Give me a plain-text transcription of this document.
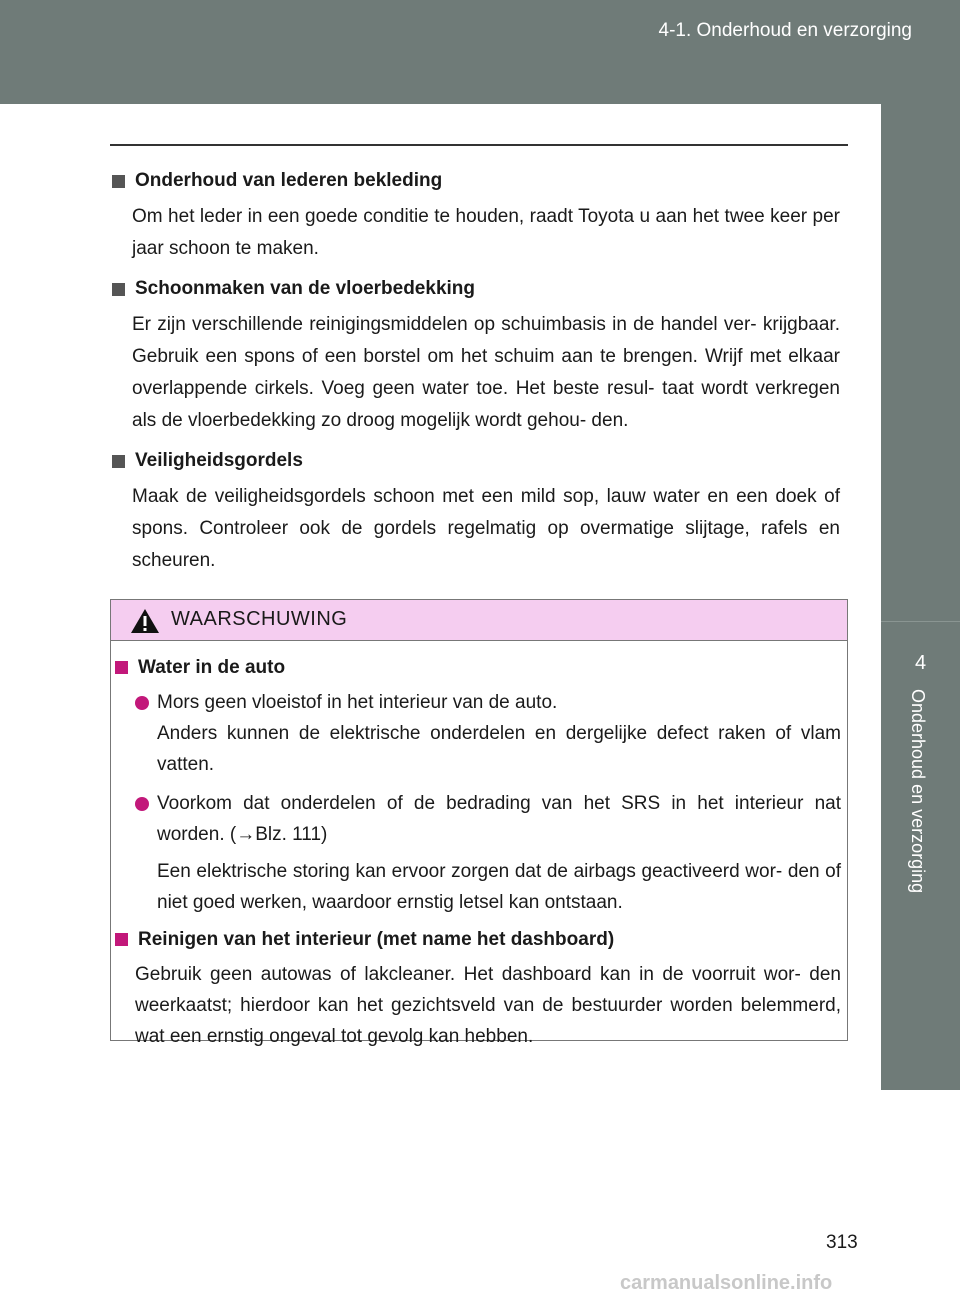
4-1. Onderhoud en verzorging
4
Onderhoud en verzorging
Onderhoud van lederen bekleding
Om het leder in een goede conditie te houden, raadt Toyota u aan het twee keer per jaar schoon te maken.
Schoonmaken van de vloerbedekking
Er zijn verschillende reinigingsmiddelen op schuimbasis in de handel ver- krijgbaar. Gebruik een spons of een borstel om het schuim aan te brengen. Wrijf met elkaar overlappende cirkels. Voeg geen water toe. Het beste resul- taat wordt verkregen als de vloerbedekking zo droog mogelijk wordt gehou- den.
Veiligheidsgordels
Maak de veiligheidsgordels schoon met een mild sop, lauw water en een doek of spons. Controleer ook de gordels regelmatig op overmatige slijtage, rafels en scheuren.
WAARSCHUWING
Water in de auto
Mors geen vloeistof in het interieur van de auto.
Anders kunnen de elektrische onderdelen en dergelijke defect raken of vlam vatten.
Voorkom dat onderdelen of de bedrading van het SRS in het interieur nat worden. (→Blz. 111)
Een elektrische storing kan ervoor zorgen dat de airbags geactiveerd wor- den of niet goed werken, waardoor ernstig letsel kan ontstaan.
Reinigen van het interieur (met name het dashboard)
Gebruik geen autowas of lakcleaner. Het dashboard kan in de voorruit wor- den weerkaatst; hierdoor kan het gezichtsveld van de bestuurder worden belemmerd, wat een ernstig ongeval tot gevolg kan hebben.
313
carmanualsonline.info
